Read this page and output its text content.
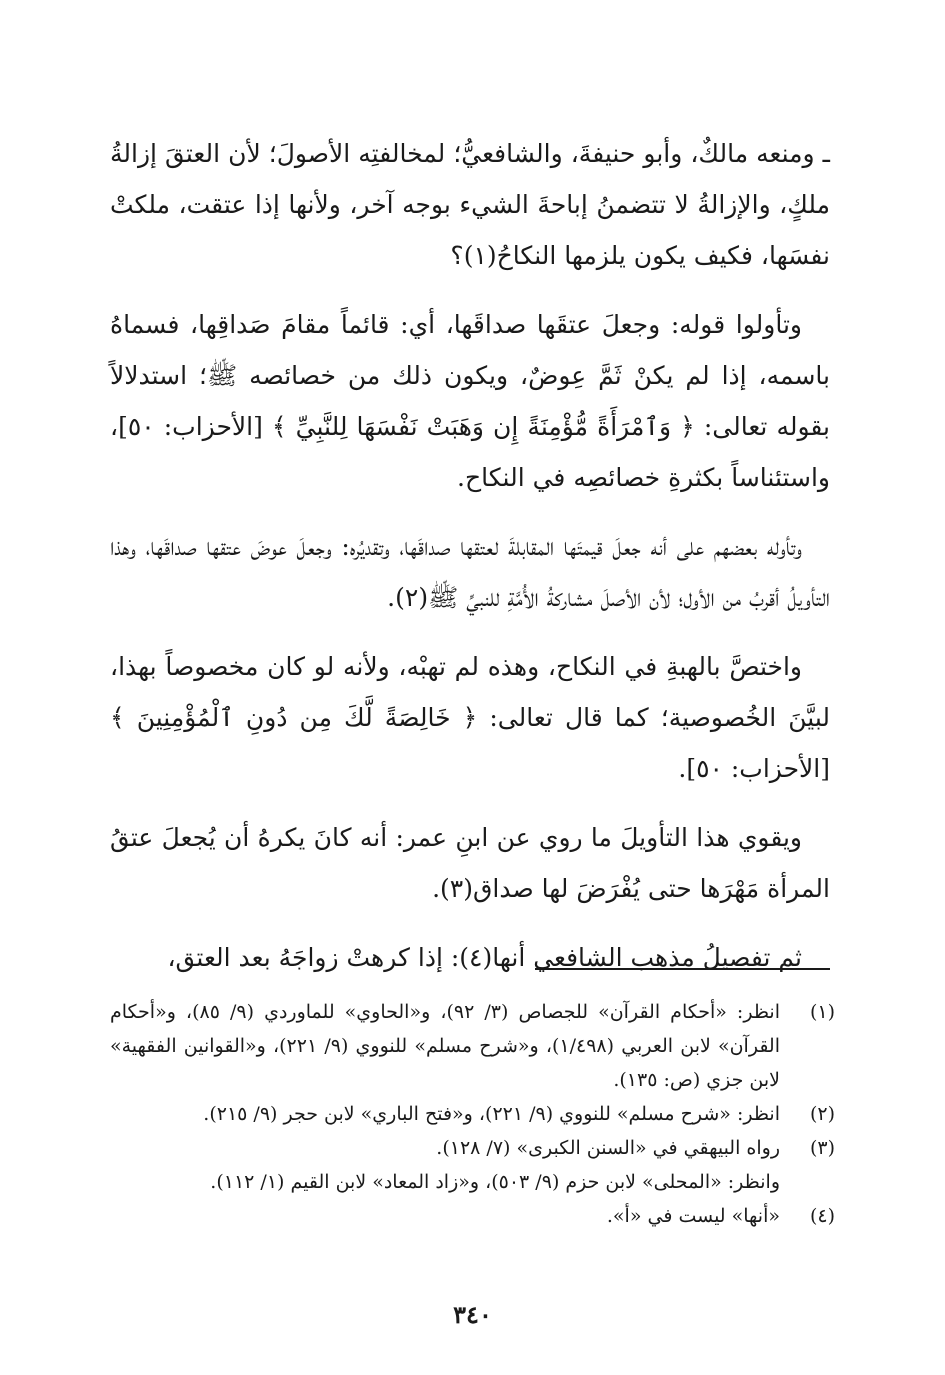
ـ ومنعه مالكٌ، وأبو حنيفةَ، والشافعيُّ؛ لمخالفتِه الأصولَ؛ لأن العتقَ إزالةُ ملكٍ، والإزالةُ لا تتضمنُ إباحةَ الشيء بوجه آخر، ولأنها إذا عتقت، ملكتْ نفسَها، فكيف يكون يلزمها النكاحُ(١)؟

وتأولوا قوله: وجعلَ عتقَها صداقَها، أي: قائماً مقامَ صَداقِها، فسماهُ باسمه، إذا لم يكنْ ثَمَّ عِوضٌ، ويكون ذلك من خصائصه ﷺ؛ استدلالاً بقوله تعالى: ﴿ وَٱمْرَأَةً مُّؤْمِنَةً إِن وَهَبَتْ نَفْسَهَا لِلنَّبِيِّ ﴾ [الأحزاب: ٥٠]، واستئناساً بكثرةِ خصائصِه في النكاح.

وتأوله بعضهم على أنه جعلَ قيمتَها المقابلةَ لعتقها صداقَها، وتقديُره: وجعلَ عوضَ عتقها صداقَها، وهذا التأويلُ أقربُ من الأول؛ لأن الأصلَ مشاركةُ الأُمَّةِ للنبيِّ ﷺ(٢).

واختصَّ بالهبةِ في النكاح، وهذه لم تهبْه، ولأنه لو كان مخصوصاً بهذا، لبيَّنَ الخُصوصية؛ كما قال تعالى: ﴿ خَالِصَةً لَّكَ مِن دُونِ ٱلْمُؤْمِنِينَ ﴾ [الأحزاب: ٥٠].

ويقوي هذا التأويلَ ما روي عن ابنِ عمر: أنه كانَ يكرهُ أن يُجعلَ عتقُ المرأة مَهْرَها حتى يُفْرَضَ لها صداق(٣).

ثم تفصيلُ مذهب الشافعي أنها(٤): إذا كرهتْ زواجَهُ بعد العتق،

(١)
انظر: «أحكام القرآن» للجصاص (٣/ ٩٢)، و«الحاوي» للماوردي (٩/ ٨٥)، و«أحكام القرآن» لابن العربي (١/٤٩٨)، و«شرح مسلم» للنووي (٩/ ٢٢١)، و«القوانين الفقهية» لابن جزي (ص: ١٣٥).
(٢)
انظر: «شرح مسلم» للنووي (٩/ ٢٢١)، و«فتح الباري» لابن حجر (٩/ ٢١٥).
(٣)
رواه البيهقي في «السنن الكبرى» (٧/ ١٢٨).

وانظر: «المحلى» لابن حزم (٩/ ٥٠٣)، و«زاد المعاد» لابن القيم (١/ ١١٢).

(٤)
«أنها» ليست في «أ».
٣٤٠
